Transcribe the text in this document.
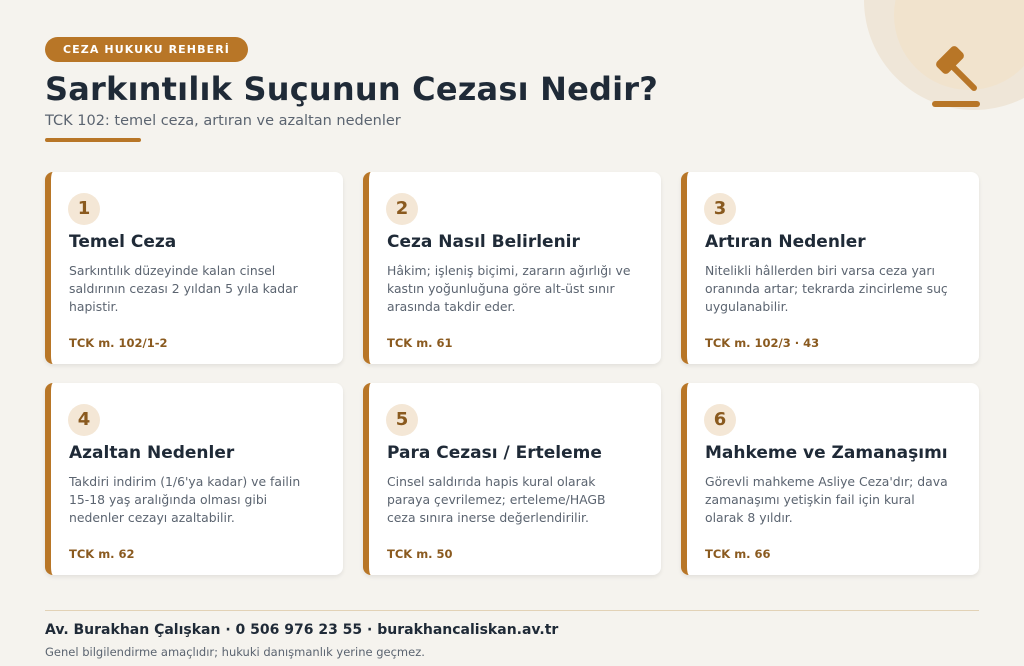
CEZA HUKUKU REHBERİ
Sarkıntılık Suçunun Cezası Nedir?
TCK 102: temel ceza, artıran ve azaltan nedenler
1
Temel Ceza
Sarkıntılık düzeyinde kalan cinsel saldırının cezası 2 yıldan 5 yıla kadar hapistir.
TCK m. 102/1-2
2
Ceza Nasıl Belirlenir
Hâkim; işleniş biçimi, zararın ağırlığı ve kastın yoğunluğuna göre alt-üst sınır arasında takdir eder.
TCK m. 61
3
Artıran Nedenler
Nitelikli hâllerden biri varsa ceza yarı oranında artar; tekrarda zincirleme suç uygulanabilir.
TCK m. 102/3 · 43
4
Azaltan Nedenler
Takdiri indirim (1/6'ya kadar) ve failin 15-18 yaş aralığında olması gibi nedenler cezayı azaltabilir.
TCK m. 62
5
Para Cezası / Erteleme
Cinsel saldırıda hapis kural olarak paraya çevrilemez; erteleme/HAGB ceza sınıra inerse değerlendirilir.
TCK m. 50
6
Mahkeme ve Zamanaşımı
Görevli mahkeme Asliye Ceza'dır; dava zamanaşımı yetişkin fail için kural olarak 8 yıldır.
TCK m. 66
Av. Burakhan Çalışkan · 0 506 976 23 55 · burakhancaliskan.av.tr
Genel bilgilendirme amaçlıdır; hukuki danışmanlık yerine geçmez.
